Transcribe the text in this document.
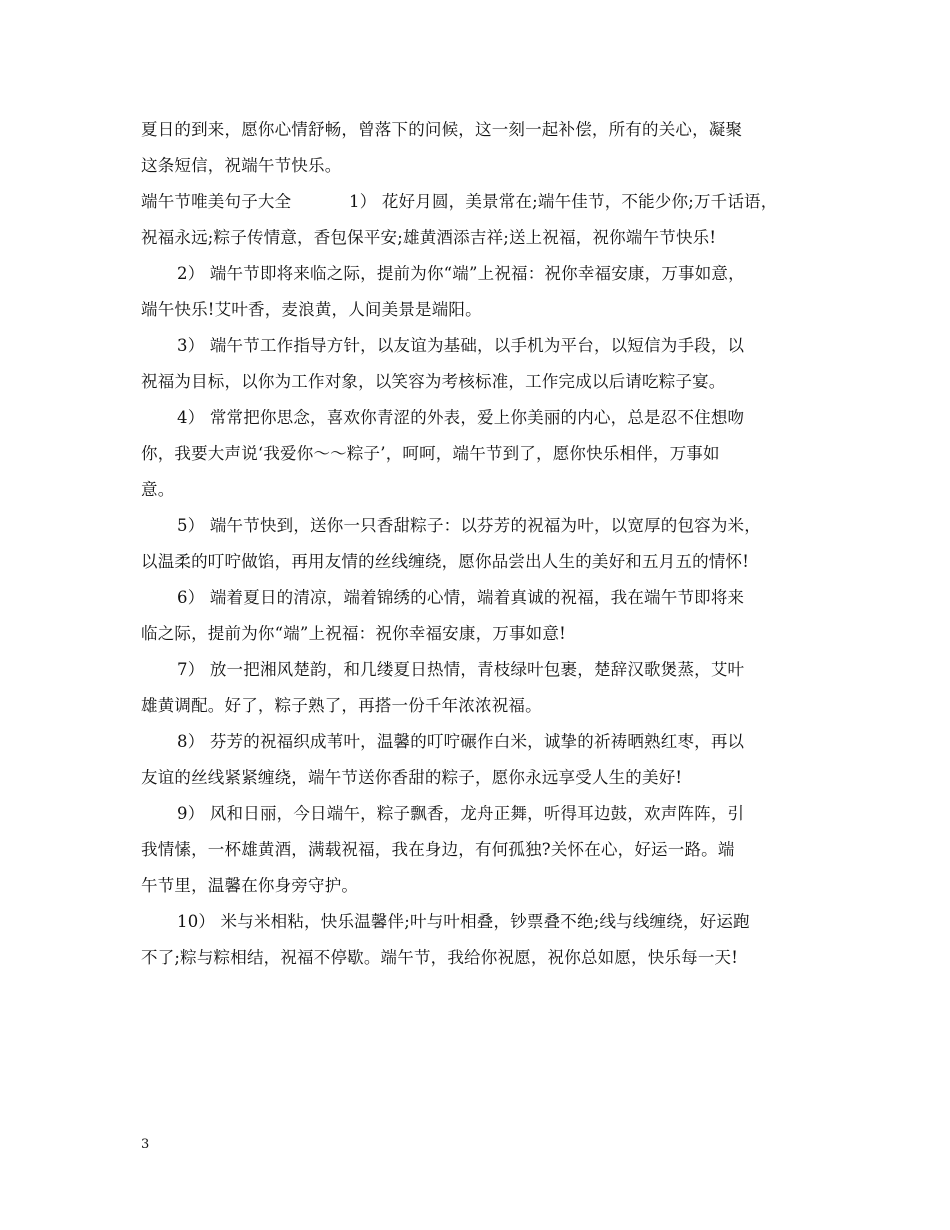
夏日的到来，愿你心情舒畅，曾落下的问候，这一刻一起补偿，所有的关心，凝聚
这条短信，祝端午节快乐。
端午节唯美句子大全	1） 花好月圆，美景常在;端午佳节，不能少你;万千话语，
祝福永远;粽子传情意，香包保平安;雄黄酒添吉祥;送上祝福，祝你端午节快乐!
2） 端午节即将来临之际，提前为你“端”上祝福：祝你幸福安康，万事如意，
端午快乐!艾叶香，麦浪黄，人间美景是端阳。
3） 端午节工作指导方针，以友谊为基础，以手机为平台，以短信为手段，以
祝福为目标，以你为工作对象，以笑容为考核标准，工作完成以后请吃粽子宴。
4） 常常把你思念，喜欢你青涩的外表，爱上你美丽的内心，总是忍不住想吻
你，我要大声说‘我爱你～～粽子’，呵呵，端午节到了，愿你快乐相伴，万事如
意。
5） 端午节快到，送你一只香甜粽子：以芬芳的祝福为叶，以宽厚的包容为米，
以温柔的叮咛做馅，再用友情的丝线缠绕，愿你品尝出人生的美好和五月五的情怀!
6） 端着夏日的清凉，端着锦绣的心情，端着真诚的祝福，我在端午节即将来
临之际，提前为你“端”上祝福：祝你幸福安康，万事如意!
7） 放一把湘风楚韵，和几缕夏日热情，青枝绿叶包裹，楚辞汉歌煲蒸，艾叶
雄黄调配。好了，粽子熟了，再搭一份千年浓浓祝福。
8） 芬芳的祝福织成苇叶，温馨的叮咛碾作白米，诚挚的祈祷晒熟红枣，再以
友谊的丝线紧紧缠绕，端午节送你香甜的粽子，愿你永远享受人生的美好!
9） 风和日丽，今日端午，粽子飘香，龙舟正舞，听得耳边鼓，欢声阵阵，引
我情愫，一杯雄黄酒，满载祝福，我在身边，有何孤独?关怀在心，好运一路。端
午节里，温馨在你身旁守护。
10） 米与米相粘，快乐温馨伴;叶与叶相叠，钞票叠不绝;线与线缠绕，好运跑
不了;粽与粽相结，祝福不停歇。端午节，我给你祝愿，祝你总如愿，快乐每一天!
3
